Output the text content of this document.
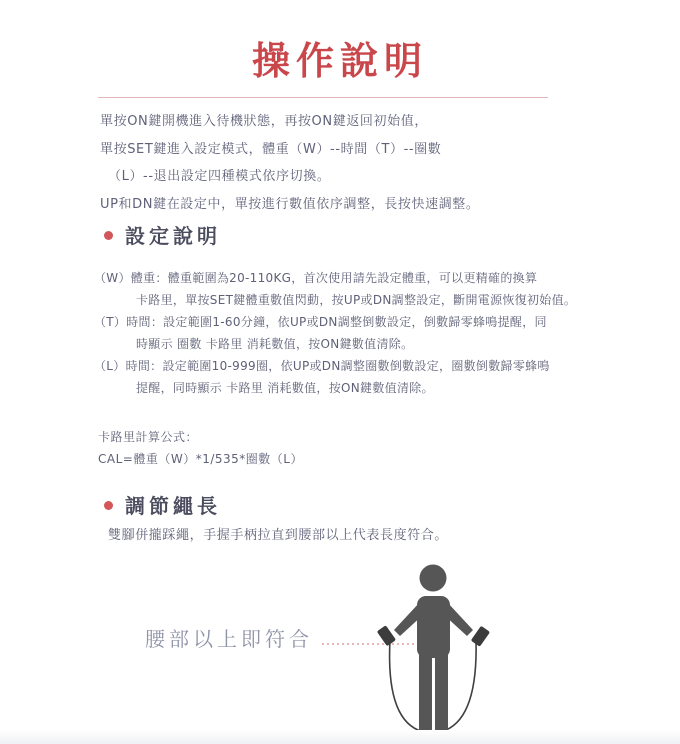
操作說明
單按ON鍵開機進入待機狀態，再按ON鍵返回初始值，
單按SET鍵進入設定模式，體重（W）--時間（T）--圈數
（L）--退出設定四種模式依序切換。
UP和DN鍵在設定中，單按進行數值依序調整，長按快速調整。
設定說明
（W）體重：體重範圍為20-110KG，首次使用請先設定體重，可以更精確的換算
卡路里，單按SET鍵體重數值閃動，按UP或DN調整設定，斷開電源恢復初始值。
（T）時間：設定範圍1-60分鐘，依UP或DN調整倒數設定，倒數歸零蜂鳴提醒，同
時顯示 圈數 卡路里 消耗數值，按ON鍵數值清除。
（L）時間：設定範圍10-999圈，依UP或DN調整圈數倒數設定，圈數倒數歸零蜂鳴
提醒，同時顯示 卡路里 消耗數值，按ON鍵數值清除。
卡路里計算公式：
CAL=體重（W）*1/535*圈數（L）
調節繩長
雙腳併攏踩繩，手握手柄拉直到腰部以上代表長度符合。
腰部以上即符合
